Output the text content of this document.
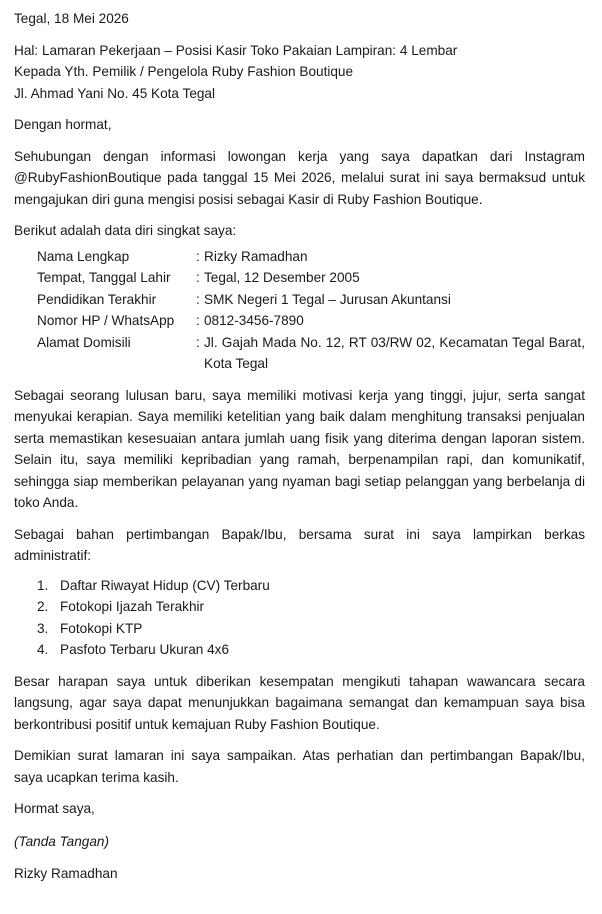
Tegal, 18 Mei 2026

Hal: Lamaran Pekerjaan – Posisi Kasir Toko Pakaian Lampiran: 4 Lembar

Kepada Yth. Pemilik / Pengelola Ruby Fashion Boutique

Jl. Ahmad Yani No. 45 Kota Tegal

Dengan hormat,

Sehubungan dengan informasi lowongan kerja yang saya dapatkan dari Instagram @RubyFashionBoutique pada tanggal 15 Mei 2026, melalui surat ini saya bermaksud untuk mengajukan diri guna mengisi posisi sebagai Kasir di Ruby Fashion Boutique.

Berikut adalah data diri singkat saya:

Nama Lengkap	: Rizky Ramadhan
Tempat, Tanggal Lahir	: Tegal, 12 Desember 2005
Pendidikan Terakhir	: SMK Negeri 1 Tegal – Jurusan Akuntansi
Nomor HP / WhatsApp	: 0812-3456-7890
Alamat Domisili	: Jl. Gajah Mada No. 12, RT 03/RW 02, Kecamatan Tegal Barat, Kota Tegal

Sebagai seorang lulusan baru, saya memiliki motivasi kerja yang tinggi, jujur, serta sangat menyukai kerapian. Saya memiliki ketelitian yang baik dalam menghitung transaksi penjualan serta memastikan kesesuaian antara jumlah uang fisik yang diterima dengan laporan sistem. Selain itu, saya memiliki kepribadian yang ramah, berpenampilan rapi, dan komunikatif, sehingga siap memberikan pelayanan yang nyaman bagi setiap pelanggan yang berbelanja di toko Anda.

Sebagai bahan pertimbangan Bapak/Ibu, bersama surat ini saya lampirkan berkas administratif:

1. Daftar Riwayat Hidup (CV) Terbaru
2. Fotokopi Ijazah Terakhir
3. Fotokopi KTP
4. Pasfoto Terbaru Ukuran 4x6

Besar harapan saya untuk diberikan kesempatan mengikuti tahapan wawancara secara langsung, agar saya dapat menunjukkan bagaimana semangat dan kemampuan saya bisa berkontribusi positif untuk kemajuan Ruby Fashion Boutique.

Demikian surat lamaran ini saya sampaikan. Atas perhatian dan pertimbangan Bapak/Ibu, saya ucapkan terima kasih.

Hormat saya,

(Tanda Tangan)

Rizky Ramadhan
